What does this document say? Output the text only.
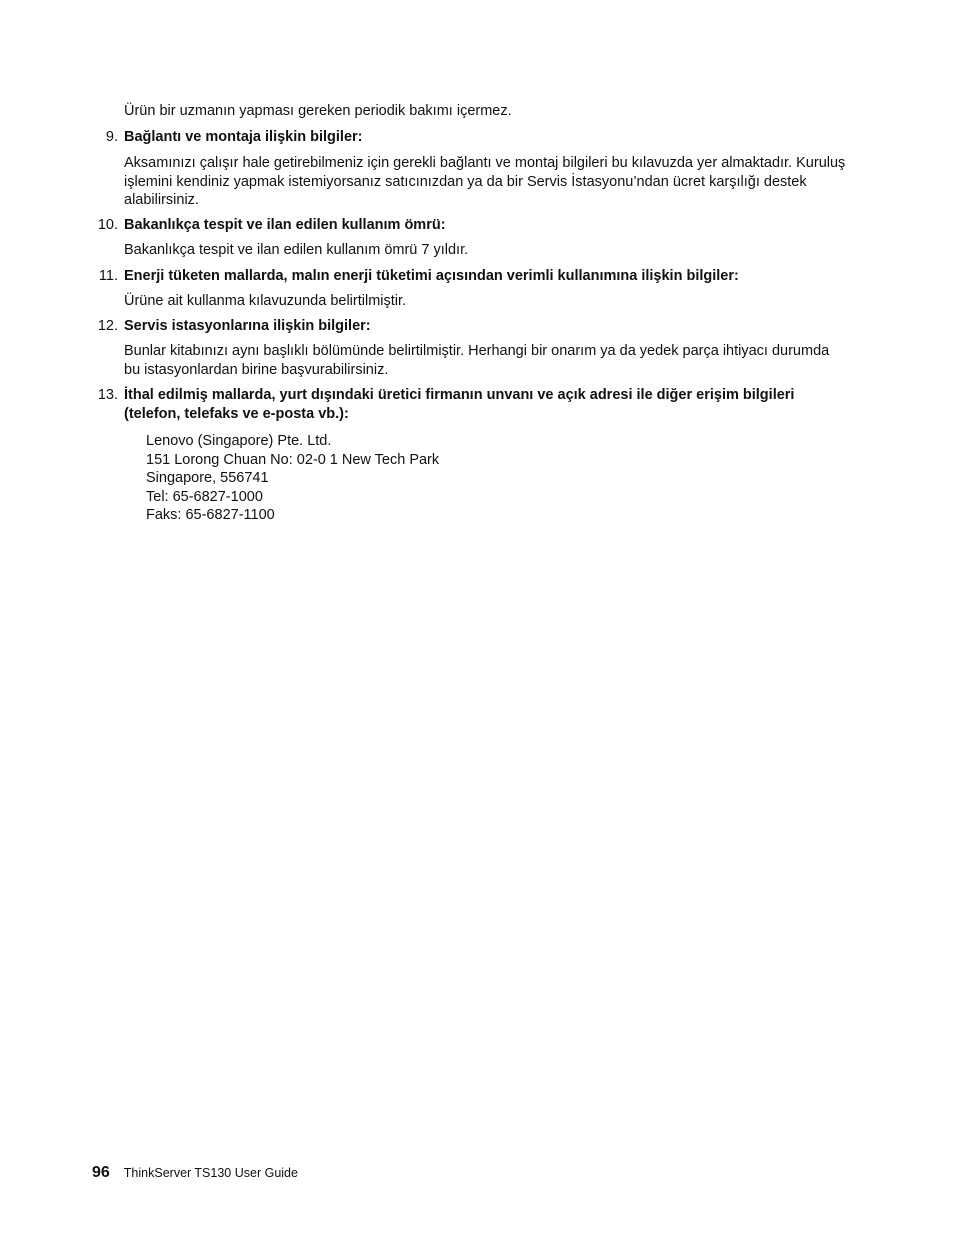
Ürün bir uzmanın yapması gereken periodik bakımı içermez.
9. Bağlantı ve montaja ilişkin bilgiler:
Aksamınızı çalışır hale getirebilmeniz için gerekli bağlantı ve montaj bilgileri bu kılavuzda yer almaktadır. Kuruluş işlemini kendiniz yapmak istemiyorsanız satıcınızdan ya da bir Servis İstasyonu’ndan ücret karşılığı destek alabilirsiniz.
10. Bakanlıkça tespit ve ilan edilen kullanım ömrü:
Bakanlıkça tespit ve ilan edilen kullanım ömrü 7 yıldır.
11. Enerji tüketen mallarda, malın enerji tüketimi açısından verimli kullanımına ilişkin bilgiler:
Ürüne ait kullanma kılavuzunda belirtilmiştir.
12. Servis istasyonlarına ilişkin bilgiler:
Bunlar kitabınızı aynı başlıklı bölümünde belirtilmiştir. Herhangi bir onarım ya da yedek parça ihtiyacı durumda bu istasyonlardan birine başvurabilirsiniz.
13. İthal edilmiş mallarda, yurt dışındaki üretici firmanın unvanı ve açık adresi ile diğer erişim bilgileri (telefon, telefaks ve e-posta vb.):
Lenovo (Singapore) Pte. Ltd.
151 Lorong Chuan No: 02-0 1 New Tech Park
Singapore, 556741
Tel: 65-6827-1000
Faks: 65-6827-1100
96 ThinkServer TS130 User Guide
